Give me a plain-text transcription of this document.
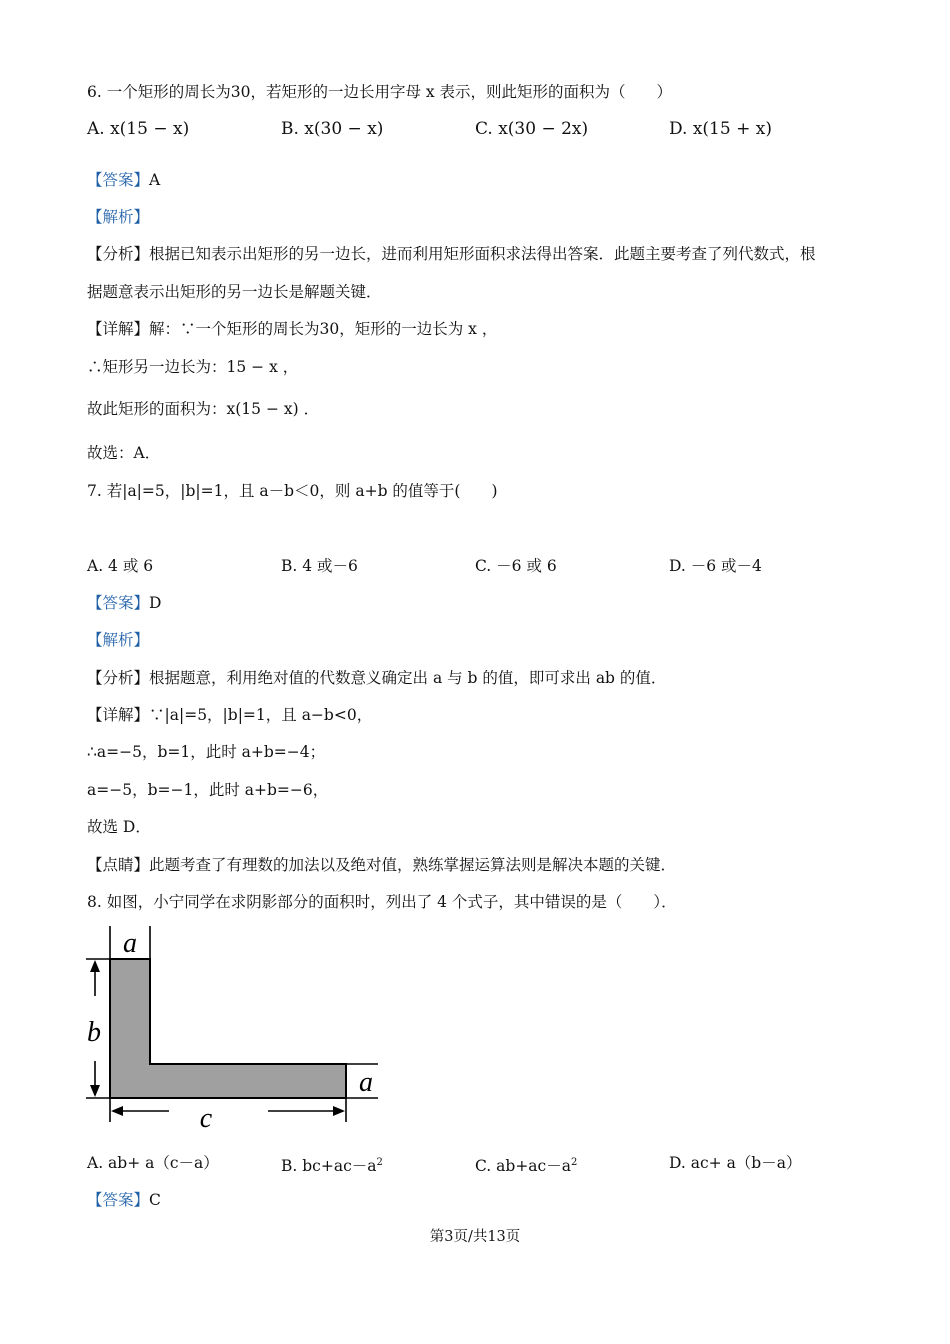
6. 一个矩形的周长为30，若矩形的一边长用字母 x 表示，则此矩形的面积为（　　）
A. x(15 − x)	B. x(30 − x)	C. x(30 − 2x)	D. x(15 + x)
【答案】A
【解析】
【分析】根据已知表示出矩形的另一边长，进而利用矩形面积求法得出答案．此题主要考查了列代数式，根
据题意表示出矩形的另一边长是解题关键．
【详解】解：∵一个矩形的周长为30，矩形的一边长为 x ，
∴矩形另一边长为：15 − x ，
故此矩形的面积为：x(15 − x) ．
故选：A．
7. 若|a|=5，|b|=1，且 a－b＜0，则 a+b 的值等于(　　)
A. 4 或 6	B. 4 或－6	C. －6 或 6	D. －6 或－4
【答案】D
【解析】
【分析】根据题意，利用绝对值的代数意义确定出 a 与 b 的值，即可求出 ab 的值．
【详解】∵|a|=5，|b|=1，且 a−b<0，
∴a=−5，b=1，此时 a+b=−4；
a=−5，b=−1，此时 a+b=−6，
故选 D．
【点睛】此题考查了有理数的加法以及绝对值，熟练掌握运算法则是解决本题的关键．
8. 如图，小宁同学在求阴影部分的面积时，列出了 4 个式子，其中错误的是（　　）．
a
b
a
c
A. ab+ a（c－a）	B. $bc+ac-a^2$	C. $ab+ac-a^2$	D. ac+ a（b－a）
【答案】C
第3页/共13页
